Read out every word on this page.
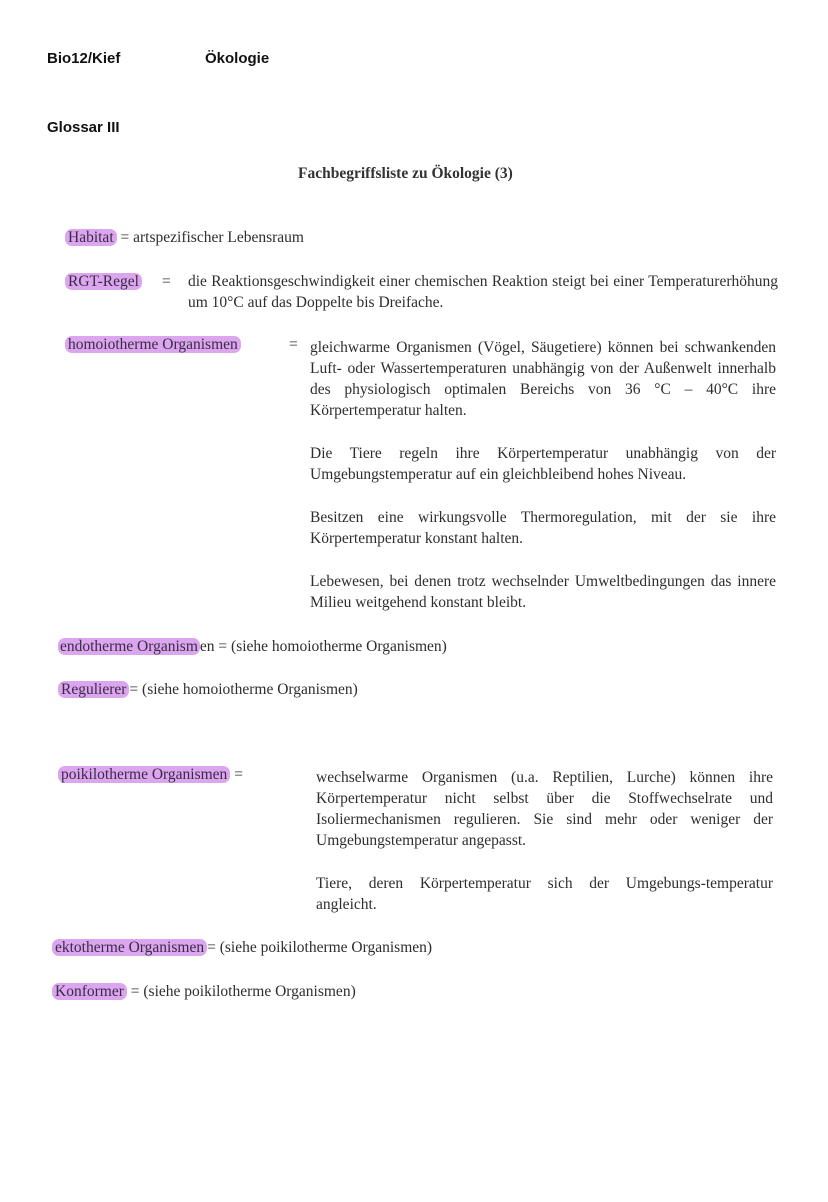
Bio12/Kief	Ökologie
Glossar III
Fachbegriffsliste zu Ökologie (3)
Habitat = artspezifischer Lebensraum
RGT-Regel = die Reaktionsgeschwindigkeit einer chemischen Reaktion steigt bei einer Temperaturerhöhung um 10°C auf das Doppelte bis Dreifache.
homoiotherme Organismen	= gleichwarme Organismen (Vögel, Säugetiere) können bei schwankenden Luft- oder Wassertemperaturen unabhängig von der Außenwelt innerhalb des physiologisch optimalen Bereichs von 36 °C – 40°C ihre Körpertemperatur halten.

Die Tiere regeln ihre Körpertemperatur unabhängig von der Umgebungstemperatur auf ein gleichbleibend hohes Niveau.

Besitzen eine wirkungsvolle Thermoregulation, mit der sie ihre Körpertemperatur konstant halten.

Lebewesen, bei denen trotz wechselnder Umweltbedingungen das innere Milieu weitgehend konstant bleibt.

endotherme Organism en = (siehe homoiotherme Organismen)
Regulierer = (siehe homoiotherme Organismen)
poikilotherme Organismen =	wechselwarme Organismen (u.a. Reptilien, Lurche) können ihre Körpertemperatur nicht selbst über die Stoffwechselrate und Isoliermechanismen regulieren. Sie sind mehr oder weniger der Umgebungstemperatur angepasst.

Tiere, deren Körpertemperatur sich der Umgebungs-temperatur angleicht.

ektotherme Organismen = (siehe poikilotherme Organismen)
Konformer = (siehe poikilotherme Organismen)
